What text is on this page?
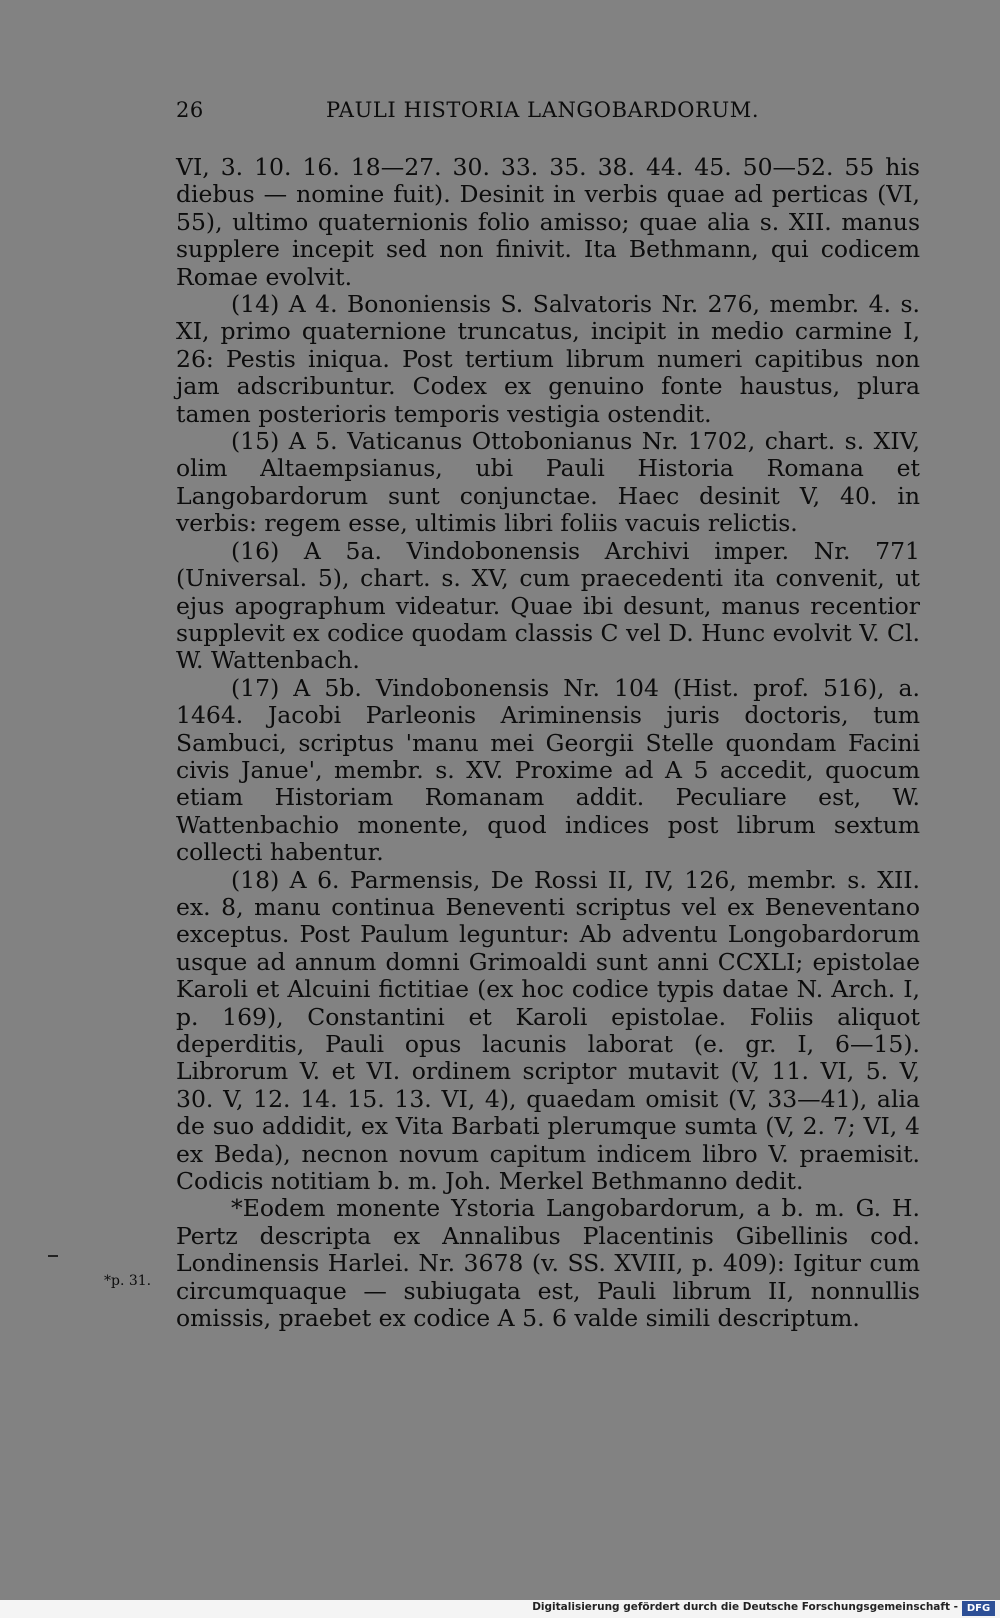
26	PAULI HISTORIA LANGOBARDORUM.

VI, 3. 10. 16. 18—27. 30. 33. 35. 38. 44. 45. 50—52. 55 his diebus — nomine fuit). Desinit in verbis quae ad perticas (VI, 55), ultimo quaternionis folio amisso; quae alia s. XII. manus supplere incepit sed non finivit. Ita Bethmann, qui codicem Romae evolvit.

(14) A 4. Bononiensis S. Salvatoris Nr. 276, membr. 4. s. XI, primo quaternione truncatus, incipit in medio carmine I, 26: Pestis iniqua. Post tertium librum numeri capitibus non jam adscribuntur. Codex ex genuino fonte haustus, plura tamen posterioris temporis vestigia ostendit.

(15) A 5. Vaticanus Ottobonianus Nr. 1702, chart. s. XIV, olim Altaempsianus, ubi Pauli Historia Romana et Langobardorum sunt conjunctae. Haec desinit V, 40. in verbis: regem esse, ultimis libri foliis vacuis relictis.

(16) A 5a. Vindobonensis Archivi imper. Nr. 771 (Universal. 5), chart. s. XV, cum praecedenti ita convenit, ut ejus apographum videatur. Quae ibi desunt, manus recentior supplevit ex codice quodam classis C vel D. Hunc evolvit V. Cl. W. Wattenbach.

(17) A 5b. Vindobonensis Nr. 104 (Hist. prof. 516), a. 1464. Jacobi Parleonis Ariminensis juris doctoris, tum Sambuci, scriptus 'manu mei Georgii Stelle quondam Facini civis Janue', membr. s. XV. Proxime ad A 5 accedit, quocum etiam Historiam Romanam addit. Peculiare est, W. Wattenbachio monente, quod indices post librum sextum collecti habentur.

(18) A 6. Parmensis, De Rossi II, IV, 126, membr. s. XII. ex. 8, manu continua Beneventi scriptus vel ex Beneventano exceptus. Post Paulum leguntur: Ab adventu Longobardorum usque ad annum domni Grimoaldi sunt anni CCXLI; epistolae Karoli et Alcuini fictitiae (ex hoc codice typis datae N. Arch. I, p. 169), Constantini et Karoli epistolae. Foliis aliquot deperditis, Pauli opus lacunis laborat (e. gr. I, 6—15). Librorum V. et VI. ordinem scriptor mutavit (V, 11. VI, 5. V, 30. V, 12. 14. 15. 13. VI, 4), quaedam omisit (V, 33—41), alia de suo addidit, ex Vita Barbati plerumque sumta (V, 2. 7; VI, 4 ex Beda), necnon novum capitum indicem libro V. praemisit. Codicis notitiam b. m. Joh. Merkel Bethmanno dedit.

*Eodem monente Ystoria Langobardorum, a b. m. G. H. Pertz descripta ex Annalibus Placentinis Gibellinis cod. Londinensis Harlei. Nr. 3678 (v. SS. XVIII, p. 409): Igitur cum circumquaque — subiugata est, Pauli librum II, nonnullis omissis, praebet ex codice A 5. 6 valde simili descriptum.

*p. 31.
Digitalisierung gefördert durch die Deutsche Forschungsgemeinschaft - DFG
